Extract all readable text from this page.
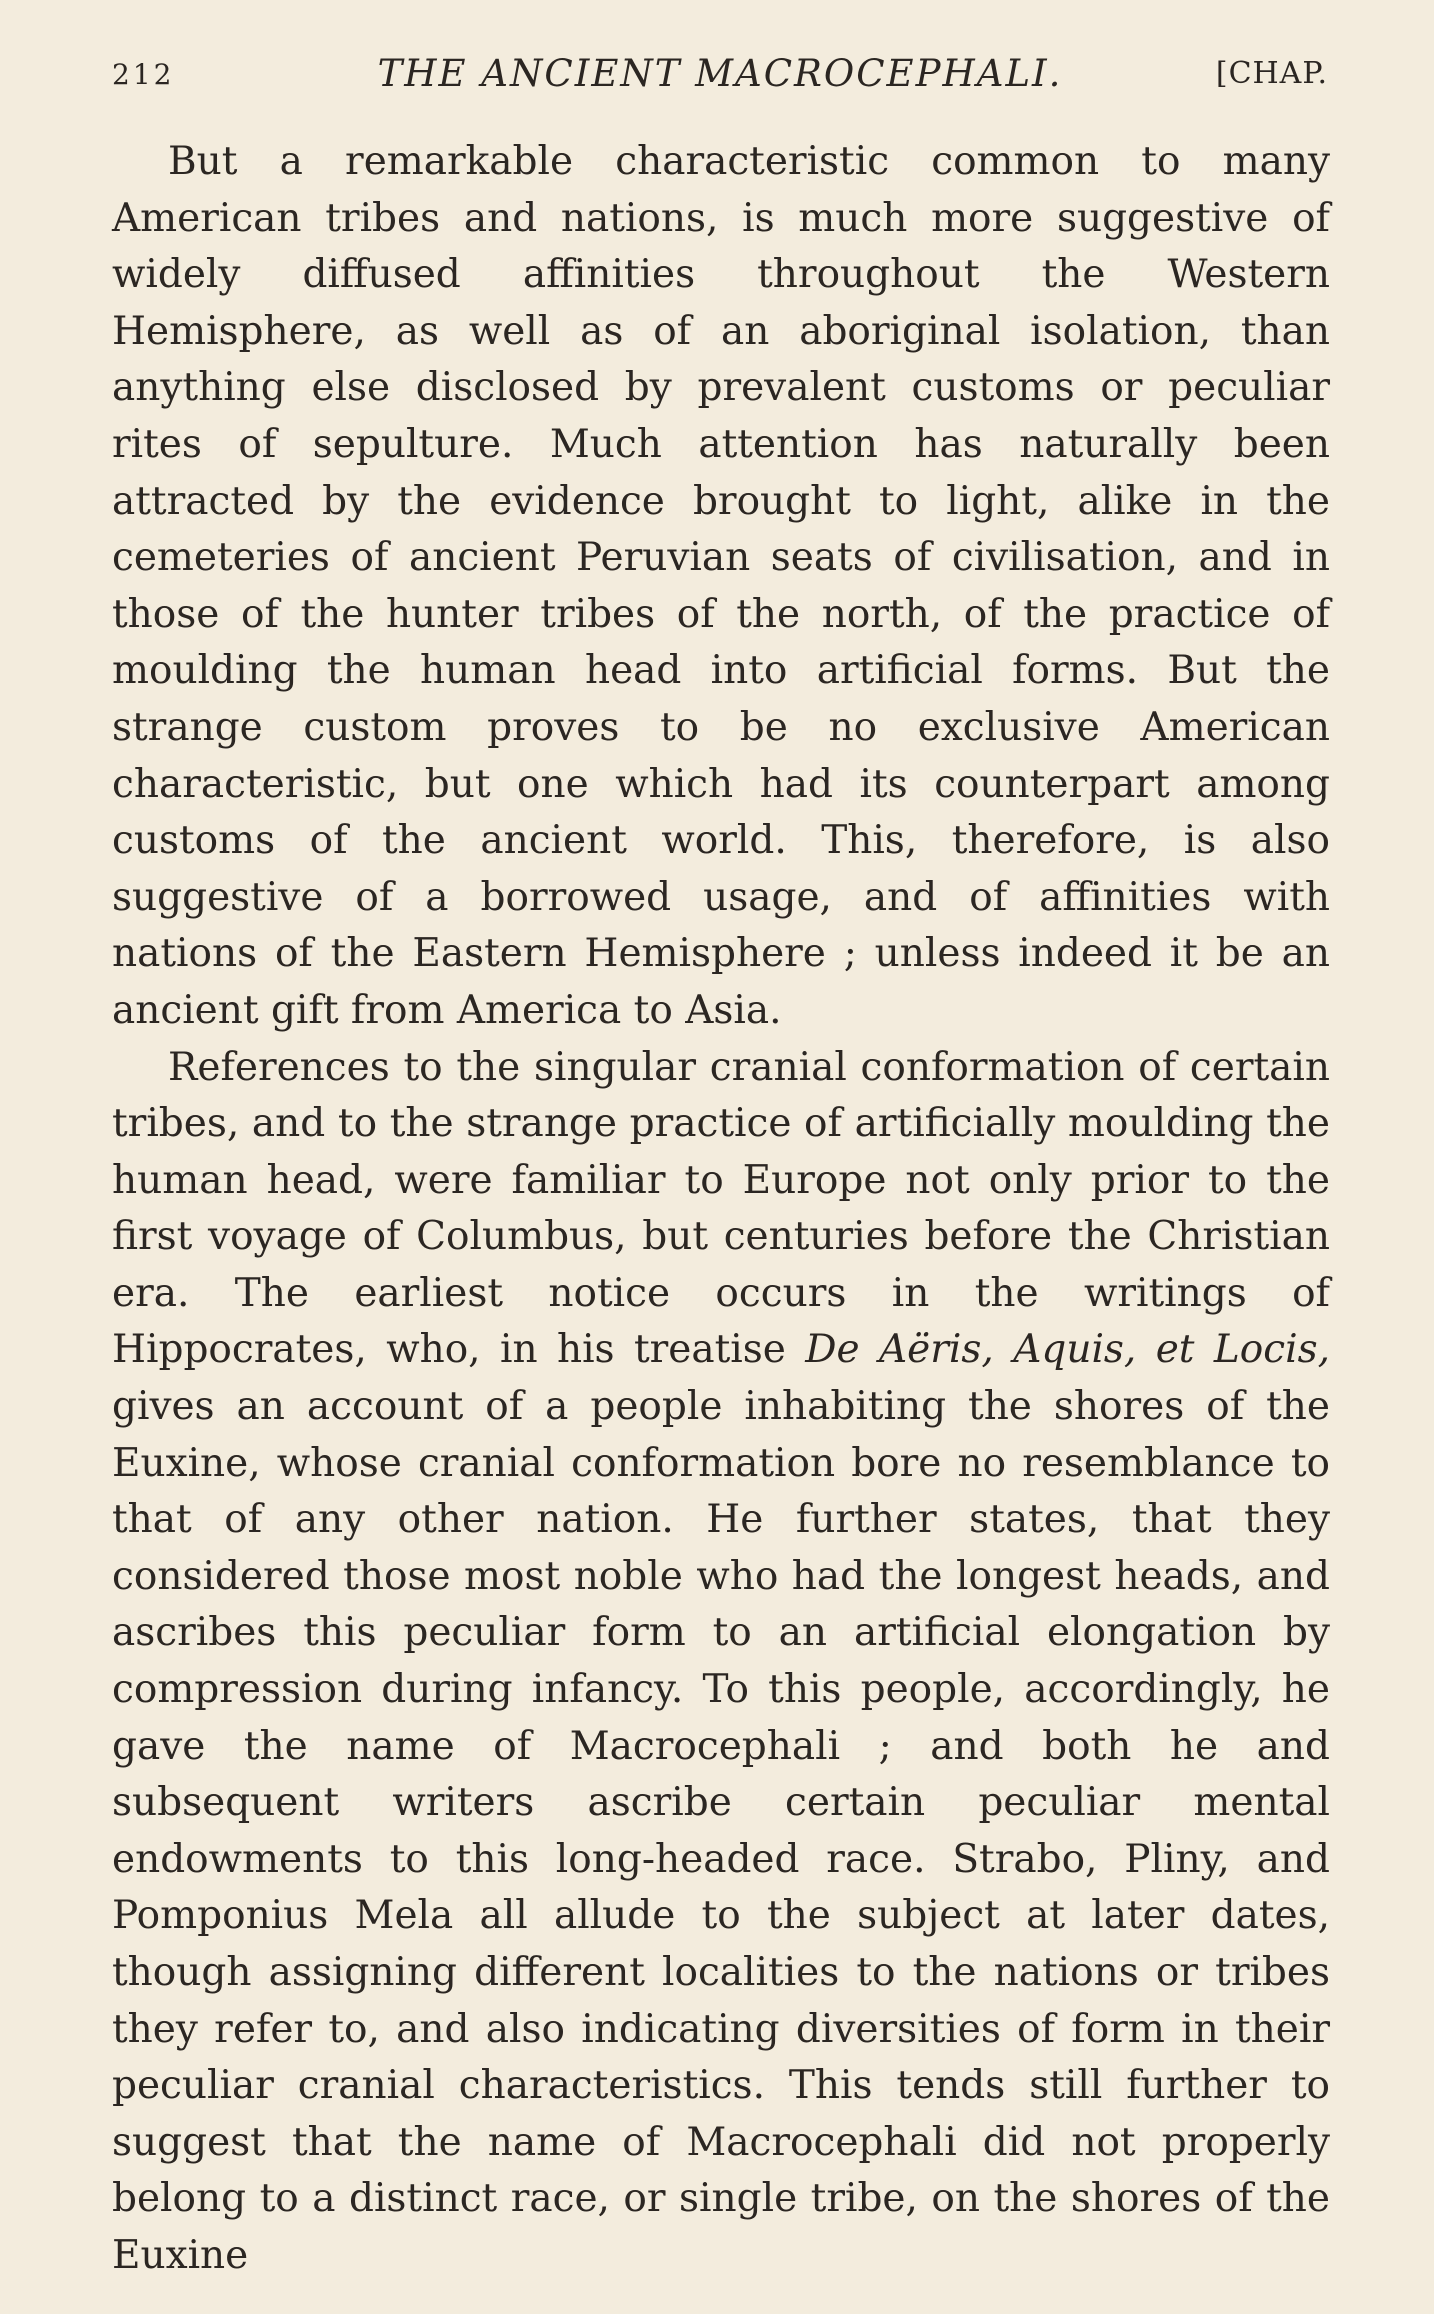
212	THE ANCIENT MACROCEPHALI.	[CHAP.

But a remarkable characteristic common to many American tribes and nations, is much more suggestive of widely diffused affinities throughout the Western Hemisphere, as well as of an aboriginal isolation, than anything else disclosed by prevalent customs or peculiar rites of sepulture. Much attention has naturally been attracted by the evidence brought to light, alike in the cemeteries of ancient Peruvian seats of civilisation, and in those of the hunter tribes of the north, of the practice of moulding the human head into artificial forms. But the strange custom proves to be no exclusive American characteristic, but one which had its counterpart among customs of the ancient world. This, therefore, is also suggestive of a borrowed usage, and of affinities with nations of the Eastern Hemisphere ; unless indeed it be an ancient gift from America to Asia.

References to the singular cranial conformation of certain tribes, and to the strange practice of artificially moulding the human head, were familiar to Europe not only prior to the first voyage of Columbus, but centuries before the Christian era. The earliest notice occurs in the writings of Hippocrates, who, in his treatise De Aëris, Aquis, et Locis, gives an account of a people inhabiting the shores of the Euxine, whose cranial conformation bore no resemblance to that of any other nation. He further states, that they considered those most noble who had the longest heads, and ascribes this peculiar form to an artificial elongation by compression during infancy. To this people, accordingly, he gave the name of Macrocephali ; and both he and subsequent writers ascribe certain peculiar mental endowments to this long-headed race. Strabo, Pliny, and Pomponius Mela all allude to the subject at later dates, though assigning different localities to the nations or tribes they refer to, and also indicating diversities of form in their peculiar cranial characteristics. This tends still further to suggest that the name of Macrocephali did not properly belong to a distinct race, or single tribe, on the shores of the Euxine
